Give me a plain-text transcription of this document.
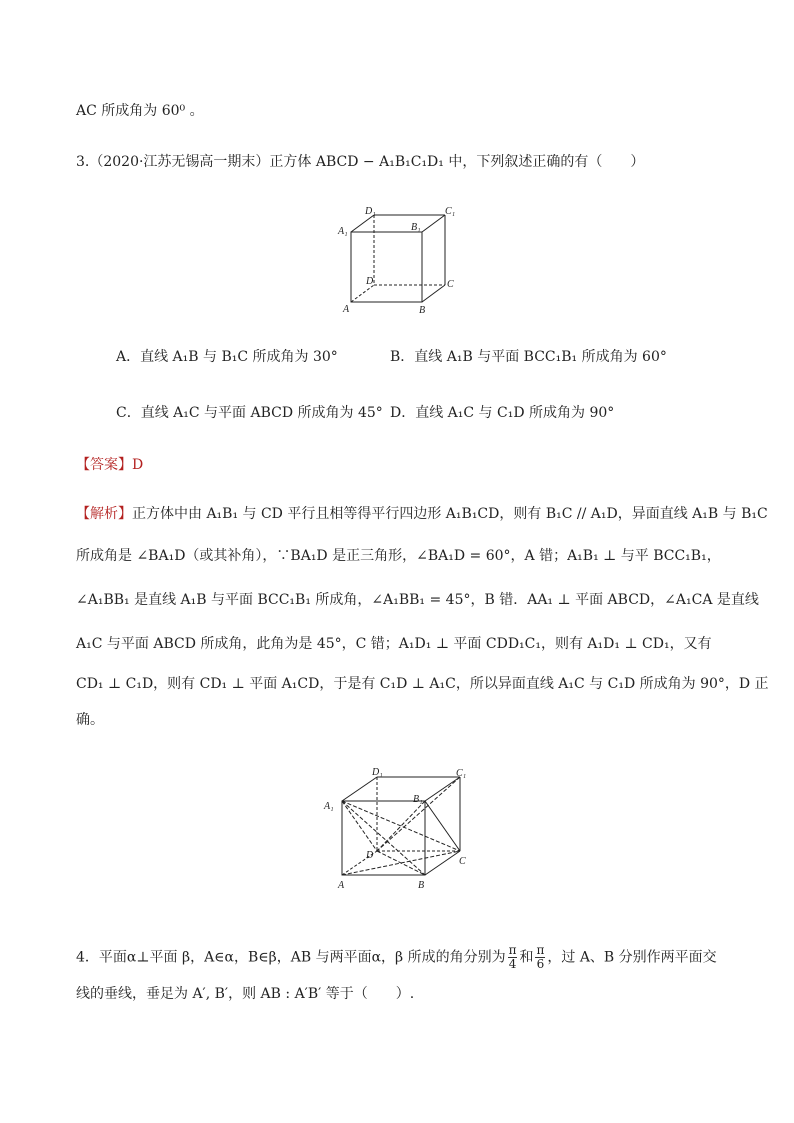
AC 所成角为 60⁰ 。
3.（2020·江苏无锡高一期末）正方体 ABCD − A₁B₁C₁D₁ 中，下列叙述正确的有（　　）
D₁	C₁
A₁	B₁
D	C
A	B
A．直线 A₁B 与 B₁C 所成角为 30°	B．直线 A₁B 与平面 BCC₁B₁ 所成角为 60°
C．直线 A₁C 与平面 ABCD 所成角为 45° D．直线 A₁C 与 C₁D 所成角为 90°
【答案】D
【解析】正方体中由 A₁B₁ 与 CD 平行且相等得平行四边形 A₁B₁CD，则有 B₁C // A₁D，异面直线 A₁B 与 B₁C
所成角是 ∠BA₁D（或其补角），∵BA₁D 是正三角形，∠BA₁D = 60°，A 错；A₁B₁ ⊥ 与平 BCC₁B₁，
∠A₁BB₁ 是直线 A₁B 与平面 BCC₁B₁ 所成角，∠A₁BB₁ = 45°，B 错．AA₁ ⊥ 平面 ABCD，∠A₁CA 是直线
A₁C 与平面 ABCD 所成角，此角为是 45°，C 错；A₁D₁ ⊥ 平面 CDD₁C₁，则有 A₁D₁ ⊥ CD₁，又有
CD₁ ⊥ C₁D，则有 CD₁ ⊥ 平面 A₁CD，于是有 C₁D ⊥ A₁C，所以异面直线 A₁C 与 C₁D 所成角为 90°，D 正
确。
D₁	C₁
A₁
B₁
D
C
A	B
4．平面α⊥平面 β，A∈α，B∈β，AB 与两平面α，β 所成的角分别为 $\frac{\pi}{4}$ 和 $\frac{\pi}{6}$ ，过 A、B 分别作两平面交
线的垂线，垂足为 A′, B′，则 AB : A′B′ 等于（　　）.
